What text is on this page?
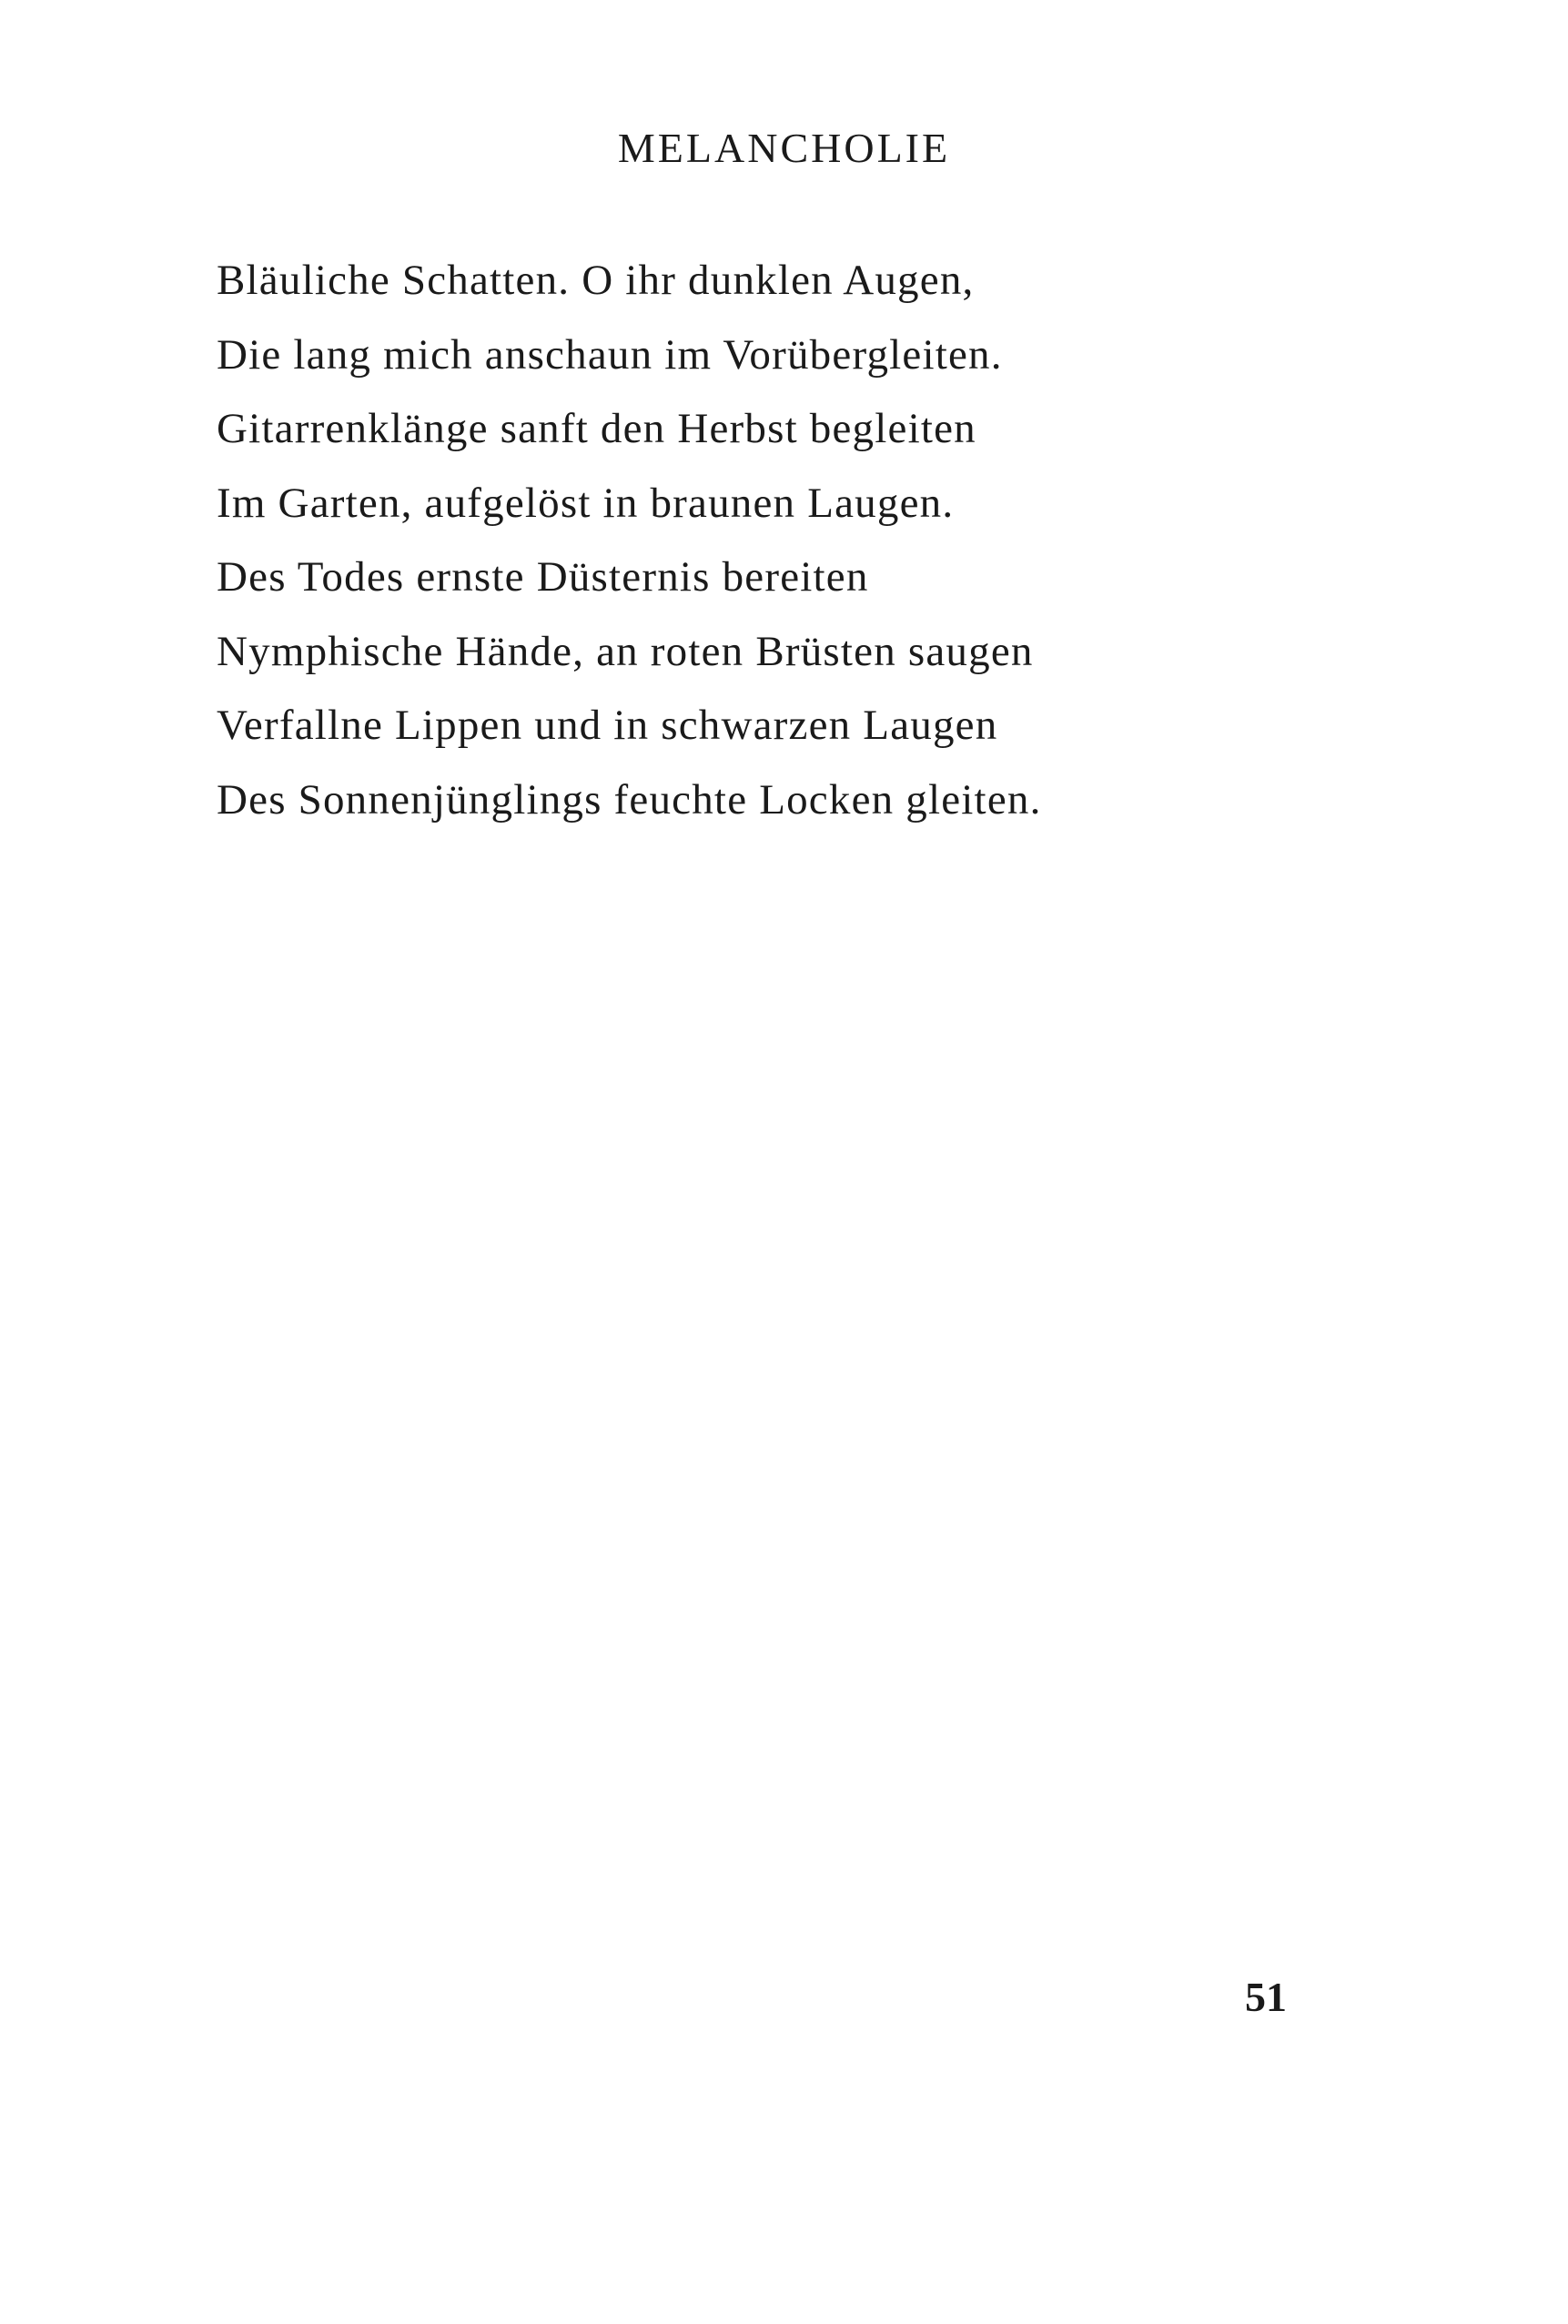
MELANCHOLIE
Bläuliche Schatten. O ihr dunklen Augen,
Die lang mich anschaun im Vorübergleiten.
Gitarrenklänge sanft den Herbst begleiten
Im Garten, aufgelöst in braunen Laugen.
Des Todes ernste Düsternis bereiten
Nymphische Hände, an roten Brüsten saugen
Verfallne Lippen und in schwarzen Laugen
Des Sonnenjünglings feuchte Locken gleiten.
51
